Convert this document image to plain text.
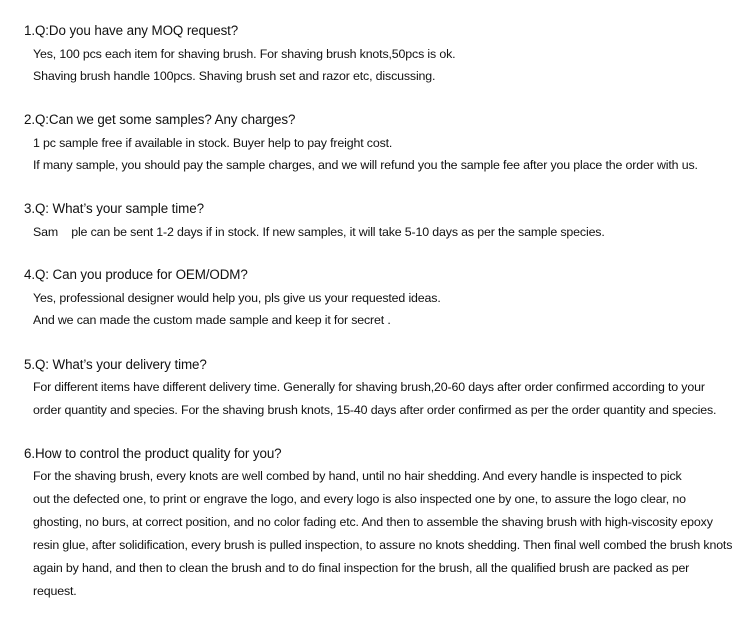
1.Q:Do you have any MOQ request?
Yes, 100 pcs each item for shaving brush. For shaving brush knots,50pcs is ok.
Shaving brush handle 100pcs. Shaving brush set and razor etc, discussing.
2.Q:Can we get some samples? Any charges?
1 pc sample free if available in stock. Buyer help to pay freight cost.
If many sample, you should pay the sample charges, and we will refund you the sample fee after you place the order with us.
3.Q: What’s your sample time?
Sam    ple can be sent 1-2 days if in stock. If new samples, it will take 5-10 days as per the sample species.
4.Q: Can you produce for OEM/ODM?
Yes, professional designer would help you, pls give us your requested ideas.
And we can made the custom made sample and keep it for secret .
5.Q: What’s your delivery time?
For different items have different delivery time. Generally for shaving brush,20-60 days after order confirmed according to your
order quantity and species. For the shaving brush knots, 15-40 days after order confirmed as per the order quantity and species.
6.How to control the product quality for you?
For the shaving brush, every knots are well combed by hand, until no hair shedding. And every handle is inspected to pick
out the defected one, to print or engrave the logo, and every logo is also inspected one by one, to assure the logo clear, no
ghosting, no burs, at correct position, and no color fading etc. And then to assemble the shaving brush with high-viscosity epoxy
resin glue, after solidification, every brush is pulled inspection, to assure no knots shedding. Then final well combed the brush knots
again by hand, and then to clean the brush and to do final inspection for the brush, all the qualified brush are packed as per
request.
